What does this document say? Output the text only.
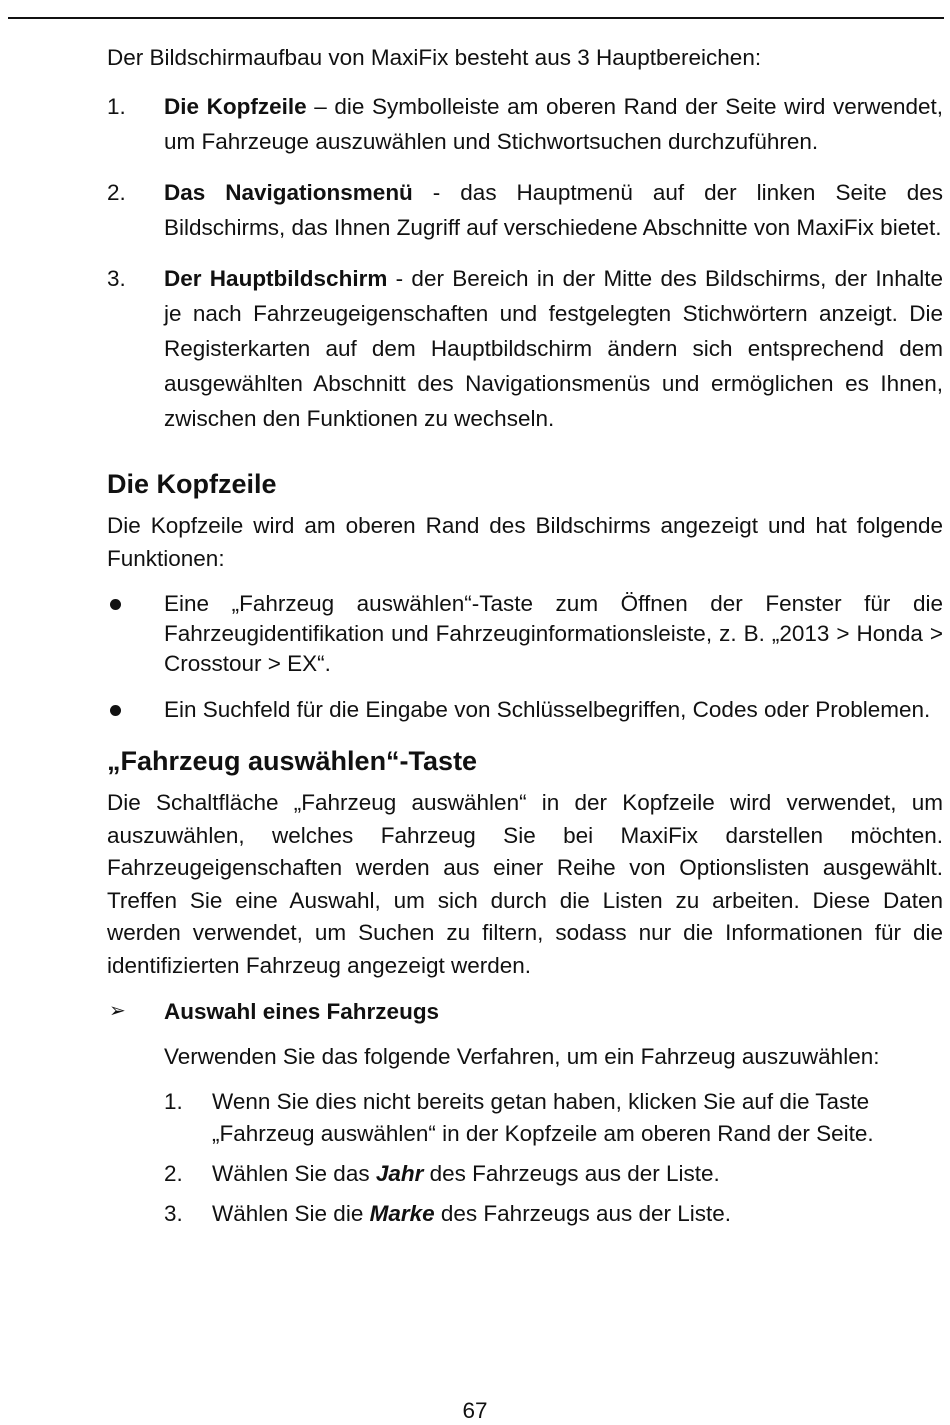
Der Bildschirmaufbau von MaxiFix besteht aus 3 Hauptbereichen:

1. Die Kopfzeile – die Symbolleiste am oberen Rand der Seite wird verwendet, um Fahrzeuge auszuwählen und Stichwortsuchen durchzuführen.
2. Das Navigationsmenü - das Hauptmenü auf der linken Seite des Bildschirms, das Ihnen Zugriff auf verschiedene Abschnitte von MaxiFix bietet.
3. Der Hauptbildschirm - der Bereich in der Mitte des Bildschirms, der Inhalte je nach Fahrzeugeigenschaften und festgelegten Stichwörtern anzeigt. Die Registerkarten auf dem Hauptbildschirm ändern sich entsprechend dem ausgewählten Abschnitt des Navigationsmenüs und ermöglichen es Ihnen, zwischen den Funktionen zu wechseln.
Die Kopfzeile

Die Kopfzeile wird am oberen Rand des Bildschirms angezeigt und hat folgende Funktionen:

Eine „Fahrzeug auswählen“-Taste zum Öffnen der Fenster für die Fahrzeugidentifikation und Fahrzeuginformationsleiste, z. B. „2013 > Honda > Crosstour > EX“.
Ein Suchfeld für die Eingabe von Schlüsselbegriffen, Codes oder Problemen.
„Fahrzeug auswählen“-Taste

Die Schaltfläche „Fahrzeug auswählen“ in der Kopfzeile wird verwendet, um auszuwählen, welches Fahrzeug Sie bei MaxiFix darstellen möchten. Fahrzeugeigenschaften werden aus einer Reihe von Optionslisten ausgewählt. Treffen Sie eine Auswahl, um sich durch die Listen zu arbeiten. Diese Daten werden verwendet, um Suchen zu filtern, sodass nur die Informationen für die identifizierten Fahrzeug angezeigt werden.

➢ Auswahl eines Fahrzeugs

Verwenden Sie das folgende Verfahren, um ein Fahrzeug auszuwählen:

1. Wenn Sie dies nicht bereits getan haben, klicken Sie auf die Taste „Fahrzeug auswählen“ in der Kopfzeile am oberen Rand der Seite.
2. Wählen Sie das Jahr des Fahrzeugs aus der Liste.
3. Wählen Sie die Marke des Fahrzeugs aus der Liste.
67
